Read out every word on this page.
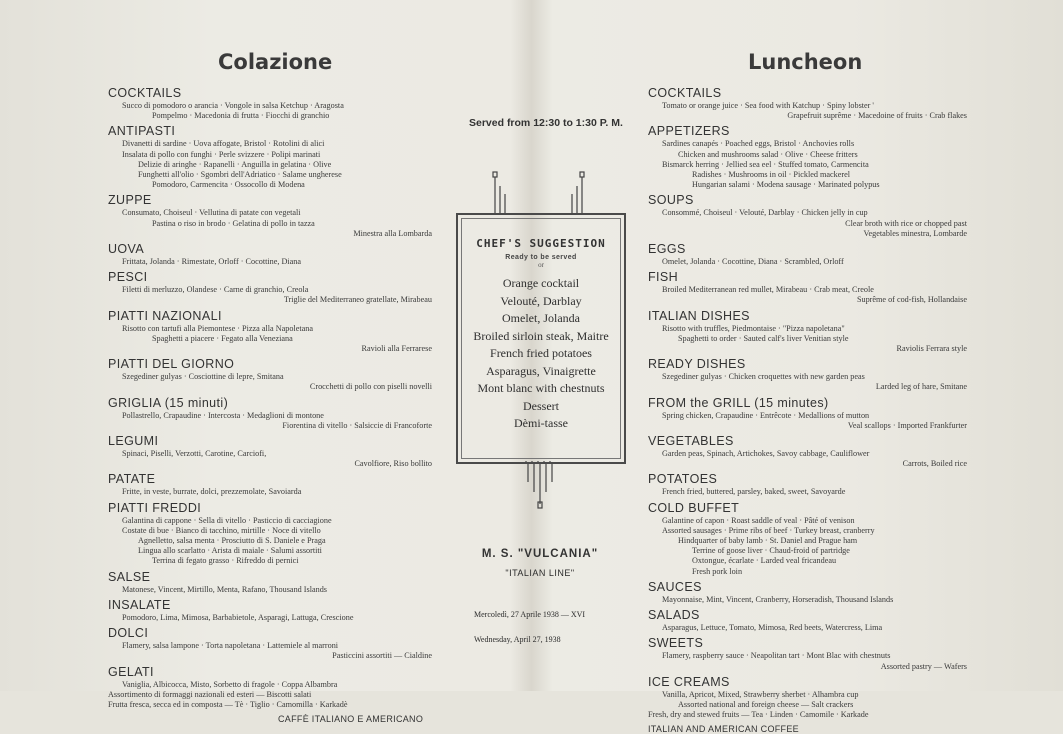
Colazione
COCKTAILS
Succo di pomodoro o arancia · Vongole in salsa Ketchup · Aragosta
Pompelmo · Macedonia di frutta · Fiocchi di granchio
ANTIPASTI
Divanetti di sardine · Uova affogate, Bristol · Rotolini di alici
Insalata di pollo con funghi · Perle svizzere · Polipi marinati
Delizie di aringhe · Rapanelli · Anguilla in gelatina · Olive
Funghetti all'olio · Sgombri dell'Adriatico · Salame ungherese
Pomodoro, Carmencita · Ossocollo di Modena
ZUPPE
Consumato, Choiseul · Vellutina di patate con vegetali
Pastina o riso in brodo · Gelatina di pollo in tazza
Minestra alla Lombarda
UOVA
Frittata, Jolanda · Rimestate, Orloff · Cocottine, Diana
PESCI
Filetti di merluzzo, Olandese · Carne di granchio, Creola
Triglie del Mediterraneo gratellate, Mirabeau
PIATTI NAZIONALI
Risotto con tartufi alla Piemontese · Pizza alla Napoletana
Spaghetti a piacere · Fegato alla Veneziana
Ravioli alla Ferrarese
PIATTI DEL GIORNO
Szegediner gulyas · Cosciottine di lepre, Smitana
Crocchetti di pollo con piselli novelli
GRIGLIA (15 minuti)
Pollastrello, Crapaudine · Intercosta · Medaglioni di montone
Fiorentina di vitello · Salsiccie di Francoforte
LEGUMI
Spinaci, Piselli, Verzotti, Carotine, Carciofi,
Cavolfiore, Riso bollito
PATATE
Fritte, in veste, burrate, dolci, prezzemolate, Savoiarda
PIATTI FREDDI
Galantina di cappone · Sella di vitello · Pasticcio di cacciagione
Costate di bue · Bianco di tacchino, mirtille · Noce di vitello
Agnelletto, salsa menta · Prosciutto di S. Daniele e Praga
Lingua allo scarlatto · Arista di maiale · Salumi assortiti
Terrina di fegato grasso · Rifreddo di pernici
SALSE
Matonese, Vincent, Mirtillo, Menta, Rafano, Thousand Islands
INSALATE
Pomodoro, Lima, Mimosa, Barbabietole, Asparagi, Lattuga, Crescione
DOLCI
Flamery, salsa lampone · Torta napoletana · Lattemiele al marroni
Pasticcini assortiti — Cialdine
GELATI
Vaniglia, Albicocca, Misto, Sorbetto di fragole · Coppa Albambra
Assortimento di formaggi nazionali ed esteri — Biscotti salati
Frutta fresca, secca ed in composta — Tè · Tiglio · Camomilla · Karkadè
CAFFÈ ITALIANO E AMERICANO
Served from 12:30 to 1:30 P. M.
CHEF'S SUGGESTION
Ready to be served
or
Orange cocktail
Velouté, Darblay
Omelet, Jolanda
Broiled sirloin steak, Maitre
French fried potatoes
Asparagus, Vinaigrette
Mont blanc with chestnuts
Dessert
Dèmi-tasse
M. S. "VULCANIA"
"ITALIAN LINE"
Mercoledì, 27 Aprile 1938 — XVI
Wednesday, April 27, 1938
Luncheon
COCKTAILS
Tomato or orange juice · Sea food with Katchup · Spiny lobster '
Grapefruit suprême · Macedoine of fruits · Crab flakes
APPETIZERS
Sardines canapés · Poached eggs, Bristol · Anchovies rolls
Chicken and mushrooms salad · Olive · Cheese fritters
Bismarck herring · Jellied sea eel · Stuffed tomato, Carmencita
Radishes · Mushrooms in oil · Pickled mackerel
Hungarian salami · Modena sausage · Marinated polypus
SOUPS
Consommé, Choiseul · Velouté, Darblay · Chicken jelly in cup
Clear broth with rice or chopped past
Vegetables minestra, Lombarde
EGGS
Omelet, Jolanda · Cocottine, Diana · Scrambled, Orloff
FISH
Broiled Mediterranean red mullet, Mirabeau · Crab meat, Creole
Suprême of cod-fish, Hollandaise
ITALIAN DISHES
Risotto with truffles, Piedmontaise · "Pizza napoletana"
Spaghetti to order · Sauted calf's liver Venitian style
Raviolis Ferrara style
READY DISHES
Szegediner gulyas · Chicken croquettes with new garden peas
Larded leg of hare, Smitane
FROM the GRILL (15 minutes)
Spring chicken, Crapaudine · Entrêcote · Medallions of mutton
Veal scallops · Imported Frankfurter
VEGETABLES
Garden peas, Spinach, Artichokes, Savoy cabbage, Cauliflower
Carrots, Boiled rice
POTATOES
French fried, buttered, parsley, baked, sweet, Savoyarde
COLD BUFFET
Galantine of capon · Roast saddle of veal · Pâté of venison
Assorted sausages · Prime ribs of beef · Turkey breast, cranberry
Hindquarter of baby lamb · St. Daniel and Prague ham
Terrine of goose liver · Chaud-froid of partridge
Oxtongue, écarlate · Larded veal fricandeau
Fresh pork loin
SAUCES
Mayonnaise, Mint, Vincent, Cranberry, Horseradish, Thousand Islands
SALADS
Asparagus, Lettuce, Tomato, Mimosa, Red beets, Watercress, Lima
SWEETS
Flamery, raspberry sauce · Neapolitan tart · Mont Blac with chestnuts
Assorted pastry — Wafers
ICE CREAMS
Vanilla, Apricot, Mixed, Strawberry sherbet · Alhambra cup
Assorted national and foreign cheese — Salt crackers
Fresh, dry and stewed fruits — Tea · Linden · Camomile · Karkade
ITALIAN AND AMERICAN COFFEE
